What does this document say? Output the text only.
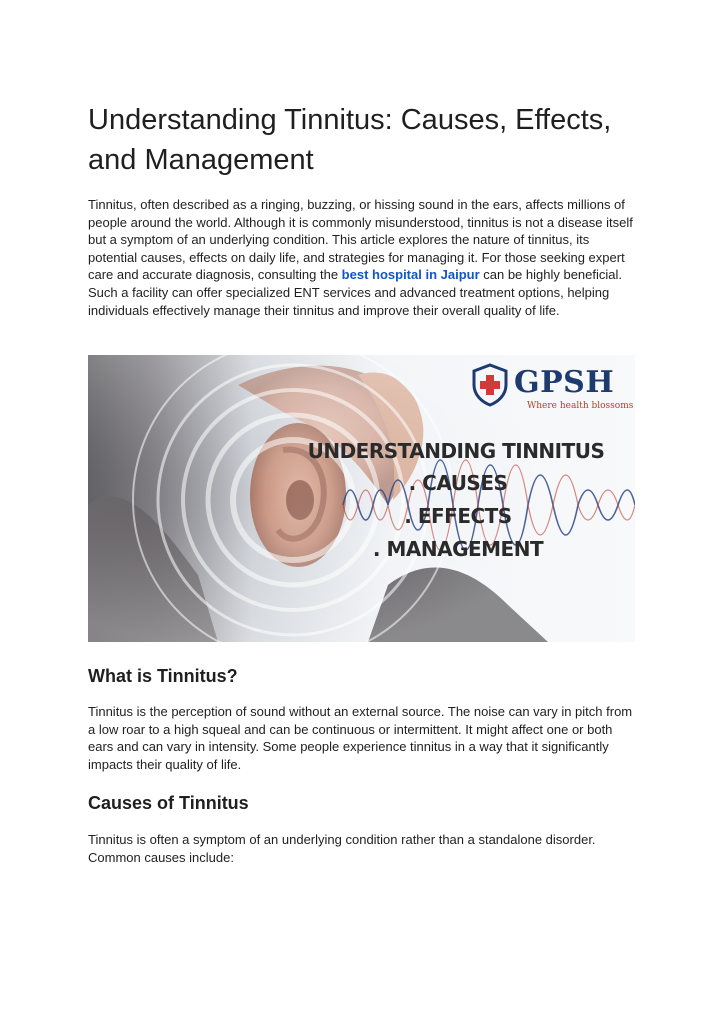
Understanding Tinnitus: Causes, Effects, and Management

Tinnitus, often described as a ringing, buzzing, or hissing sound in the ears, affects millions of people around the world. Although it is commonly misunderstood, tinnitus is not a disease itself but a symptom of an underlying condition. This article explores the nature of tinnitus, its potential causes, effects on daily life, and strategies for managing it. For those seeking expert care and accurate diagnosis, consulting the best hospital in Jaipur can be highly beneficial. Such a facility can offer specialized ENT services and advanced treatment options, helping individuals effectively manage their tinnitus and improve their overall quality of life.

What is Tinnitus?

Tinnitus is the perception of sound without an external source. The noise can vary in pitch from a low roar to a high squeal and can be continuous or intermittent. It might affect one or both ears and can vary in intensity. Some people experience tinnitus in a way that it significantly impacts their quality of life.

Causes of Tinnitus

Tinnitus is often a symptom of an underlying condition rather than a standalone disorder. Common causes include:

GPSH
Where health blossoms
UNDERSTANDING TINNITUS
. CAUSES
. EFFECTS
. MANAGEMENT
